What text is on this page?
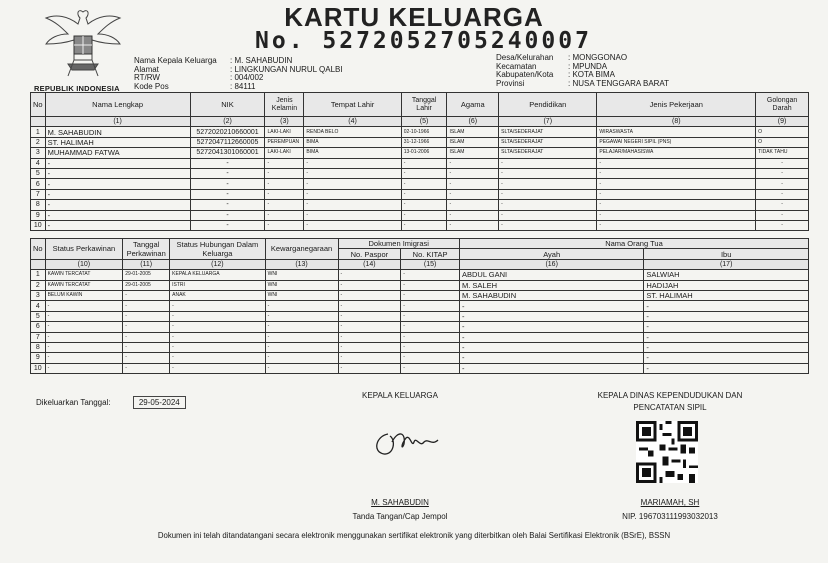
REPUBLIK INDONESIA
KARTU KELUARGA
No. 5272052705240007
Nama Kepala Keluarga	: M. SAHABUDIN
Alamat	: LINGKUNGAN NURUL QALBI
RT/RW	: 004/002
Kode Pos	: 84111
Desa/Kelurahan	: MONGGONAO
Kecamatan	: MPUNDA
Kabupaten/Kota	: KOTA BIMA
Provinsi	: NUSA TENGGARA BARAT
No	Nama Lengkap	NIK	Jenis Kelamin	Tempat Lahir	Tanggal Lahir	Agama	Pendidikan	Jenis Pekerjaan	Golongan Darah
	(1)	(2)	(3)	(4)	(5)	(6)	(7)	(8)	(9)
1	M. SAHABUDIN	5272020210660001	LAKI-LAKI	RENDA BELO	02-10-1966	ISLAM	SLTA/SEDERAJAT	WIRASWASTA	O
2	ST. HALIMAH	5272047112660005	PEREMPUAN	BIMA	31-12-1966	ISLAM	SLTA/SEDERAJAT	PEGAWAI NEGERI SIPIL (PNS)	O
3	MUHAMMAD FATWA	5272041301060001	LAKI-LAKI	BIMA	13-01-2006	ISLAM	SLTA/SEDERAJAT	PELAJAR/MAHASISWA	TIDAK TAHU
4	-	-	-	-	-	-	-	-	-
5	-	-	-	-	-	-	-	-	-
6	-	-	-	-	-	-	-	-	-
7	-	-	-	-	-	-	-	-	-
8	-	-	-	-	-	-	-	-	-
9	-	-	-	-	-	-	-	-	-
10	-	-	-	-	-	-	-	-	-
No	Status Perkawinan	Tanggal Perkawinan	Status Hubungan Dalam Keluarga	Kewarganegaraan	Dokumen Imigrasi		Nama Orang Tua	
					No. Paspor	No. KITAP	Ayah	Ibu
	(10)	(11)	(12)	(13)	(14)	(15)	(16)	(17)
1	KAWIN TERCATAT	29-01-2005	KEPALA KELUARGA	WNI	-	-	ABDUL GANI	SALWIAH
2	KAWIN TERCATAT	29-01-2005	ISTRI	WNI	-	-	M. SALEH	HADIJAH
3	BELUM KAWIN	-	ANAK	WNI	-	-	M. SAHABUDIN	ST. HALIMAH
4	-	-	-	-	-	-	-	-
5	-	-	-	-	-	-	-	-
6	-	-	-	-	-	-	-	-
7	-	-	-	-	-	-	-	-
8	-	-	-	-	-	-	-	-
9	-	-	-	-	-	-	-	-
10	-	-	-	-	-	-	-	-
Dikeluarkan Tanggal:	29-05-2024
KEPALA KELUARGA
M. SAHABUDIN
Tanda Tangan/Cap Jempol
KEPALA DINAS KEPENDUDUKAN DAN
PENCATATAN SIPIL
MARIAMAH, SH
NIP. 196703111993032013
Dokumen ini telah ditandatangani secara elektronik menggunakan sertifikat elektronik yang diterbitkan oleh Balai Sertifikasi Elektronik (BSrE), BSSN
